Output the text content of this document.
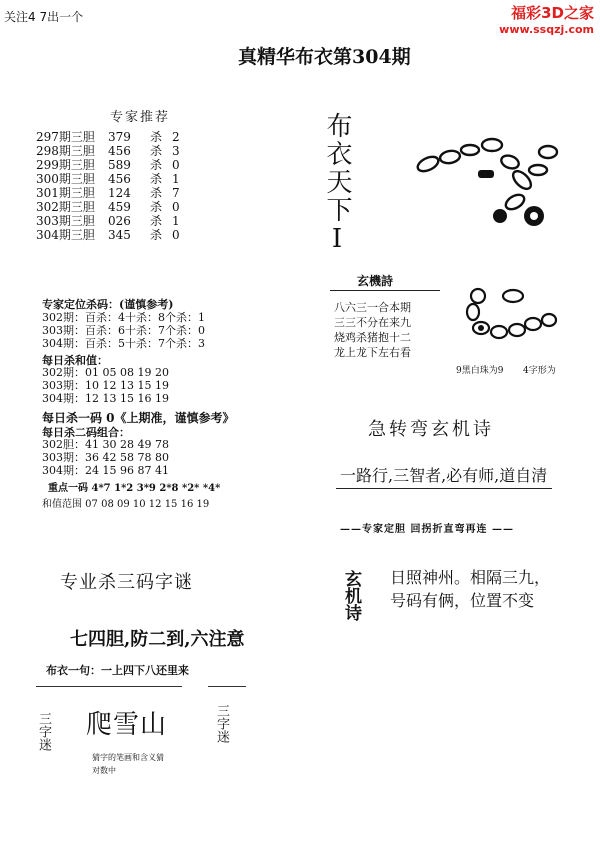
关注4 7出一个	福彩3D之家
www.ssqzj.com
真精华布衣第304期
专家推荐
297期三胆 379 杀 2
298期三胆 456 杀 3
299期三胆 589 杀 0
300期三胆 456 杀 1
301期三胆 124 杀 7
302期三胆 459 杀 0
303期三胆 026 杀 1
304期三胆 345 杀 0
专家定位杀码：(谨慎参考)
302期：百杀：4十杀：8个杀：1
303期：百杀：6十杀：7个杀：0
304期：百杀：5十杀：7个杀：3
每日杀和值：
302期：01 05 08 19 20
303期：10 12 13 15 19
304期：12 13 15 16 19
每日杀一码 0《上期准，谨慎参考》
每日杀二码组合：
302胆：41 30 28 49 78
303期：36 42 58 78 80
304期：24 15 96 87 41
重点一码 4*7 1*2 3*9 2*8 *2* *4*
和值范围 07 08 09 10 12 15 16 19
布衣天下I
玄機詩
八六三一合本期
三三不分在来九
烧鸡杀猪抱十二
龙上龙下左右看
9黑白珠为9 4字形为
急转弯玄机诗
一路行,三智者,必有师,道自清
——专家定胆 回拐折直弯再连 ——
玄机诗	日照神州。相隔三九，
号码有俩，位置不变
专业杀三码字谜
七四胆,防二到,六注意
布衣一句：一上四下八还里来
三字迷 爬雪山
猜字的笔画和含义猜
对数中
三字迷
